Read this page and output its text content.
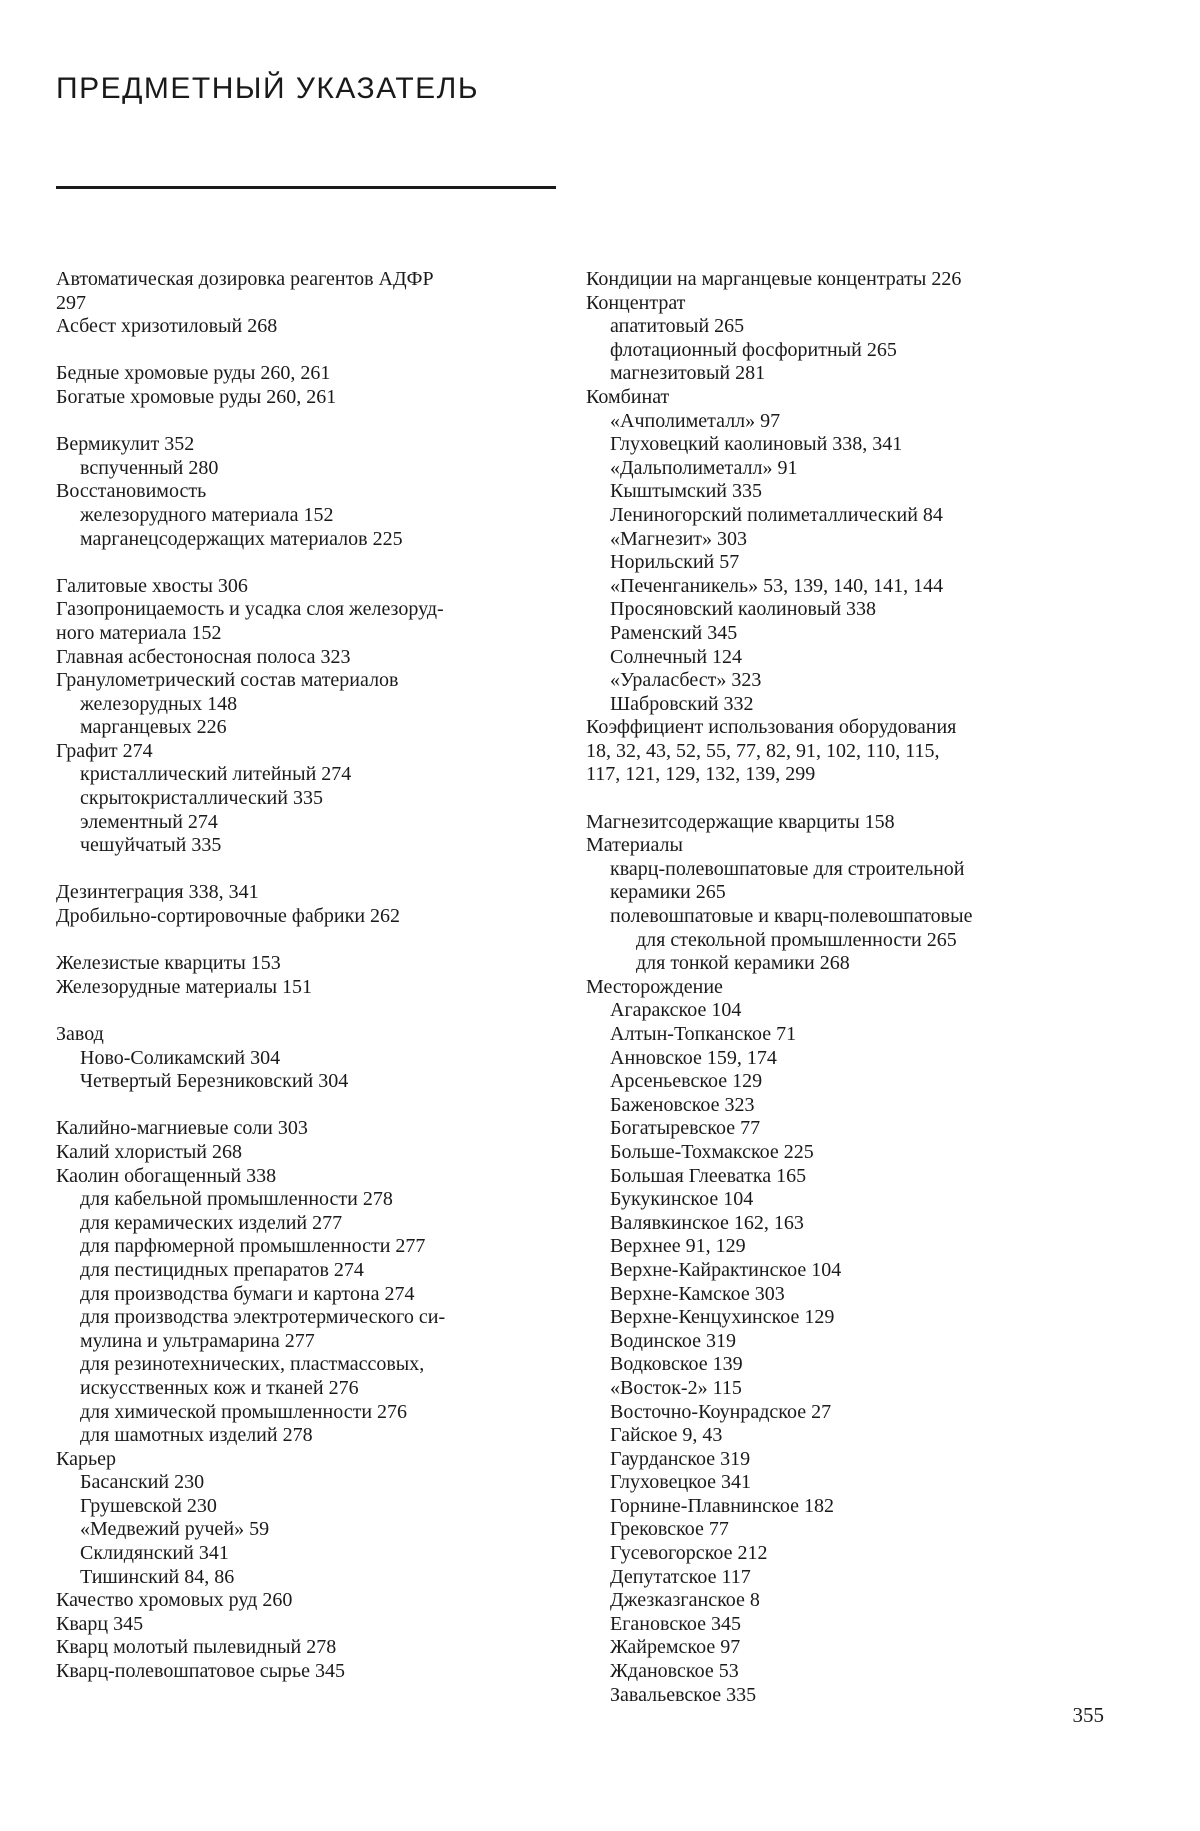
ПРЕДМЕТНЫЙ УКАЗАТЕЛЬ
Автоматическая дозировка реагентов АДФР
297
Асбест хризотиловый 268
Бедные хромовые руды 260, 261
Богатые хромовые руды 260, 261
Вермикулит 352
вспученный 280
Восстановимость
железорудного материала 152
марганецсодержащих материалов 225
Галитовые хвосты 306
Газопроницаемость и усадка слоя железоруд-
ного материала 152
Главная асбестоносная полоса 323
Гранулометрический состав материалов
железорудных 148
марганцевых 226
Графит 274
кристаллический литейный 274
скрытокристаллический 335
элементный 274
чешуйчатый 335
Дезинтеграция 338, 341
Дробильно-сортировочные фабрики 262
Железистые кварциты 153
Железорудные материалы 151
Завод
Ново-Соликамский 304
Четвертый Березниковский 304
Калийно-магниевые соли 303
Калий хлористый 268
Каолин обогащенный 338
для кабельной промышленности 278
для керамических изделий 277
для парфюмерной промышленности 277
для пестицидных препаратов 274
для производства бумаги и картона 274
для производства электротермического си-
мулина и ультрамарина 277
для резинотехнических, пластмассовых,
искусственных кож и тканей 276
для химической промышленности 276
для шамотных изделий 278
Карьер
Басанский 230
Грушевской 230
«Медвежий ручей» 59
Склидянский 341
Тишинский 84, 86
Качество хромовых руд 260
Кварц 345
Кварц молотый пылевидный 278
Кварц-полевошпатовое сырье 345
Кондиции на марганцевые концентраты 226
Концентрат
апатитовый 265
флотационный фосфоритный 265
магнезитовый 281
Комбинат
«Ачполиметалл» 97
Глуховецкий каолиновый 338, 341
«Дальполиметалл» 91
Кыштымский 335
Лениногорский полиметаллический 84
«Магнезит» 303
Норильский 57
«Печенганикель» 53, 139, 140, 141, 144
Просяновский каолиновый 338
Раменский 345
Солнечный 124
«Ураласбест» 323
Шабровский 332
Коэффициент использования оборудования
18, 32, 43, 52, 55, 77, 82, 91, 102, 110, 115,
117, 121, 129, 132, 139, 299
Магнезитсодержащие кварциты 158
Материалы
кварц-полевошпатовые для строительной
керамики 265
полевошпатовые и кварц-полевошпатовые
для стекольной промышленности 265
для тонкой керамики 268
Месторождение
Агаракское 104
Алтын-Топканское 71
Анновское 159, 174
Арсеньевское 129
Баженовское 323
Богатыревское 77
Больше-Тохмакское 225
Большая Глееватка 165
Букукинское 104
Валявкинское 162, 163
Верхнее 91, 129
Верхне-Кайрактинское 104
Верхне-Камское 303
Верхне-Кенцухинское 129
Водинское 319
Водковское 139
«Восток-2» 115
Восточно-Коунрадское 27
Гайское 9, 43
Гаурданское 319
Глуховецкое 341
Горнине-Плавнинское 182
Грековское 77
Гусевогорское 212
Депутатское 117
Джезказганское 8
Егановское 345
Жайремское 97
Ждановское 53
Завальевское 335
355
